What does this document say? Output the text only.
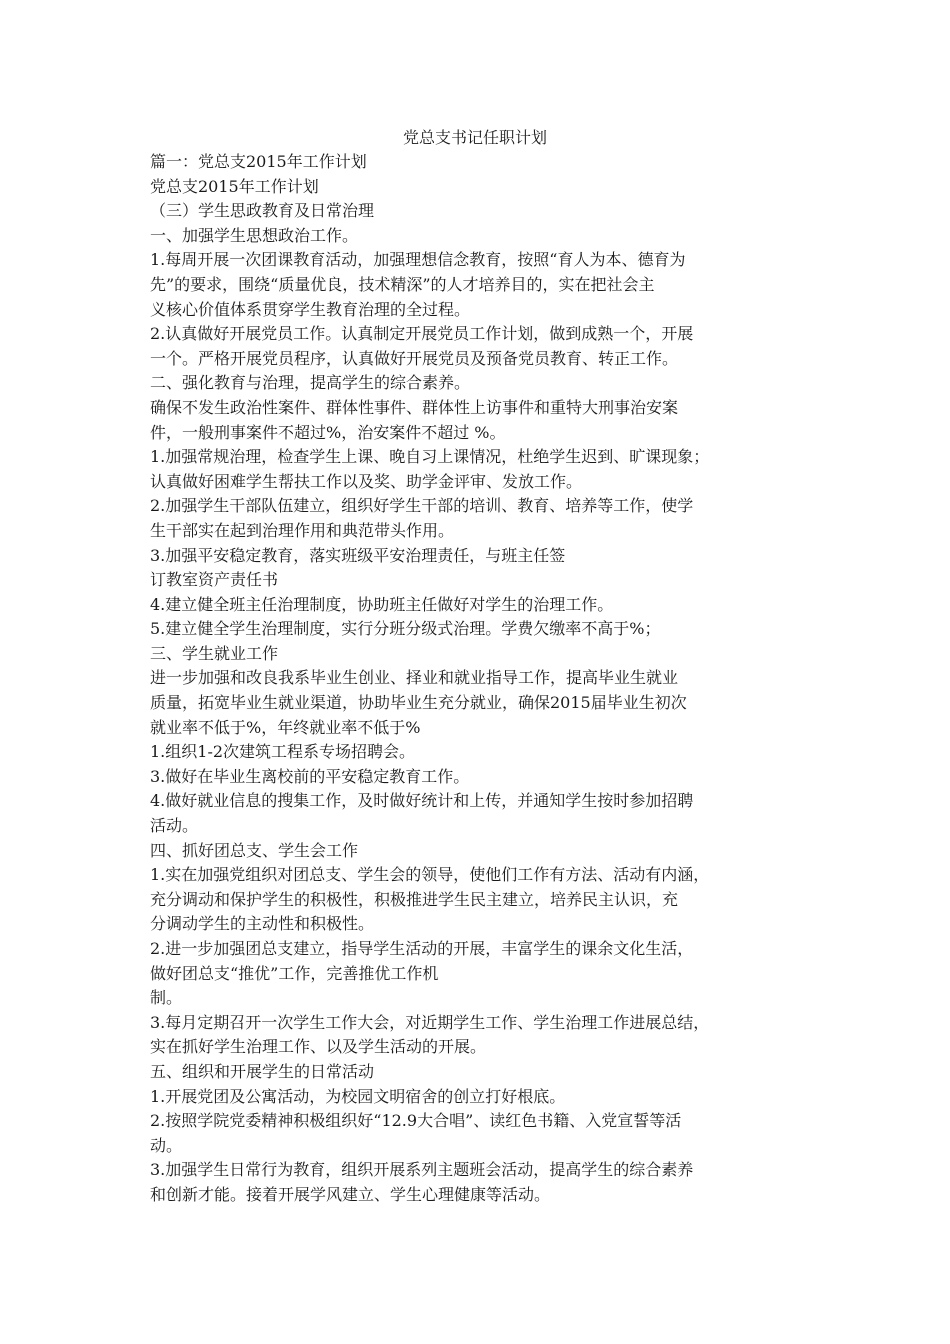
党总支书记任职计划
篇一：党总支2015年工作计划
党总支2015年工作计划
（三）学生思政教育及日常治理
一、加强学生思想政治工作。
1.每周开展一次团课教育活动，加强理想信念教育，按照“育人为本、德育为
先”的要求，围绕“质量优良，技术精深”的人才培养目的，实在把社会主
义核心价值体系贯穿学生教育治理的全过程。
2.认真做好开展党员工作。认真制定开展党员工作计划，做到成熟一个，开展
一个。严格开展党员程序，认真做好开展党员及预备党员教育、转正工作。
二、强化教育与治理，提高学生的综合素养。
确保不发生政治性案件、群体性事件、群体性上访事件和重特大刑事治安案
件，一般刑事案件不超过%，治安案件不超过 %。
1.加强常规治理，检查学生上课、晚自习上课情况，杜绝学生迟到、旷课现象；
认真做好困难学生帮扶工作以及奖、助学金评审、发放工作。
2.加强学生干部队伍建立，组织好学生干部的培训、教育、培养等工作，使学
生干部实在起到治理作用和典范带头作用。
3.加强平安稳定教育，落实班级平安治理责任，与班主任签
订教室资产责任书
4.建立健全班主任治理制度，协助班主任做好对学生的治理工作。
5.建立健全学生治理制度，实行分班分级式治理。学费欠缴率不高于%；
三、学生就业工作
进一步加强和改良我系毕业生创业、择业和就业指导工作，提高毕业生就业
质量，拓宽毕业生就业渠道，协助毕业生充分就业，确保2015届毕业生初次
就业率不低于%，年终就业率不低于%
1.组织1-2次建筑工程系专场招聘会。
3.做好在毕业生离校前的平安稳定教育工作。
4.做好就业信息的搜集工作，及时做好统计和上传，并通知学生按时参加招聘
活动。
四、抓好团总支、学生会工作
1.实在加强党组织对团总支、学生会的领导，使他们工作有方法、活动有内涵，
充分调动和保护学生的积极性，积极推进学生民主建立，培养民主认识，充
分调动学生的主动性和积极性。
2.进一步加强团总支建立，指导学生活动的开展，丰富学生的课余文化生活，
做好团总支“推优”工作，完善推优工作机
制。
3.每月定期召开一次学生工作大会，对近期学生工作、学生治理工作进展总结，
实在抓好学生治理工作、以及学生活动的开展。
五、组织和开展学生的日常活动
1.开展党团及公寓活动，为校园文明宿舍的创立打好根底。
2.按照学院党委精神积极组织好“12.9大合唱”、读红色书籍、入党宣誓等活
动。
3.加强学生日常行为教育，组织开展系列主题班会活动，提高学生的综合素养
和创新才能。接着开展学风建立、学生心理健康等活动。
